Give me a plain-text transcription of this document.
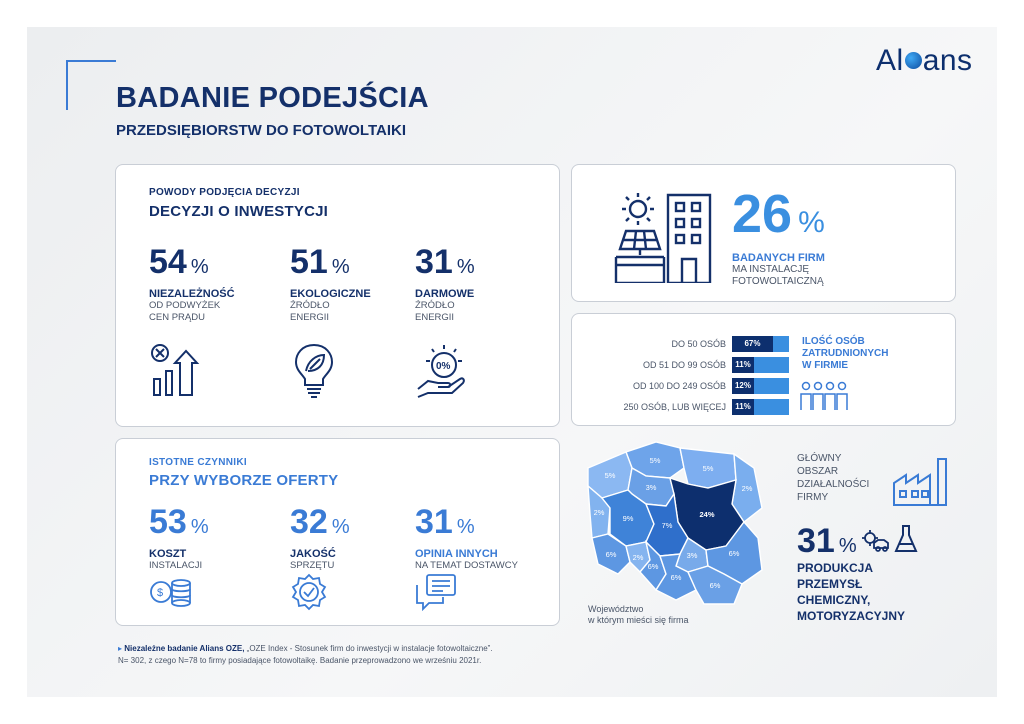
Al ans
BADANIE PODEJŚCIA
PRZEDSIĘBIORSTW DO FOTOWOLTAIKI
POWODY PODJĘCIA DECYZJI
DECYZJI O INWESTYCJI
54 %
NIEZALEŻNOŚĆ
OD PODWYŻEK
CEN PRĄDU
51 %
EKOLOGICZNE
ŹRÓDŁO
ENERGII
31 %
DARMOWE
ŹRÓDŁO
ENERGII
0%
ISTOTNE CZYNNIKI
PRZY WYBORZE OFERTY
53 %
KOSZT
INSTALACJI
32 %
JAKOŚĆ
SPRZĘTU
31 %
OPINIA INNYCH
NA TEMAT DOSTAWCY
$
26 %
BADANYCH FIRM
MA INSTALACJĘ
FOTOWOLTAICZNĄ
DO 50 OSÓB	67%
OD 51 DO 99 OSÓB	11%
OD 100 DO 249 OSÓB	12%
250 OSÓB, LUB WIĘCEJ	11%
ILOŚĆ OSÓB
ZATRUDNIONYCH
W FIRMIE
5%
5%
5%
2%
3%
2%
9%	24%
7%
6% 2%
6%
3%	6%
6%
6%
Województwo
w którym mieści się firma
GŁÓWNY
OBSZAR
DZIAŁALNOŚCI
FIRMY
31 %
PRODUKCJA
PRZEMYSŁ
CHEMICZNY,
MOTORYZACYJNY
▸ Niezależne badanie Alians OZE, „OZE Index - Stosunek firm do inwestycji w instalacje fotowoltaiczne”.
N= 302, z czego N=78 to firmy posiadające fotowoltaikę. Badanie przeprowadzono we wrześniu 2021r.
